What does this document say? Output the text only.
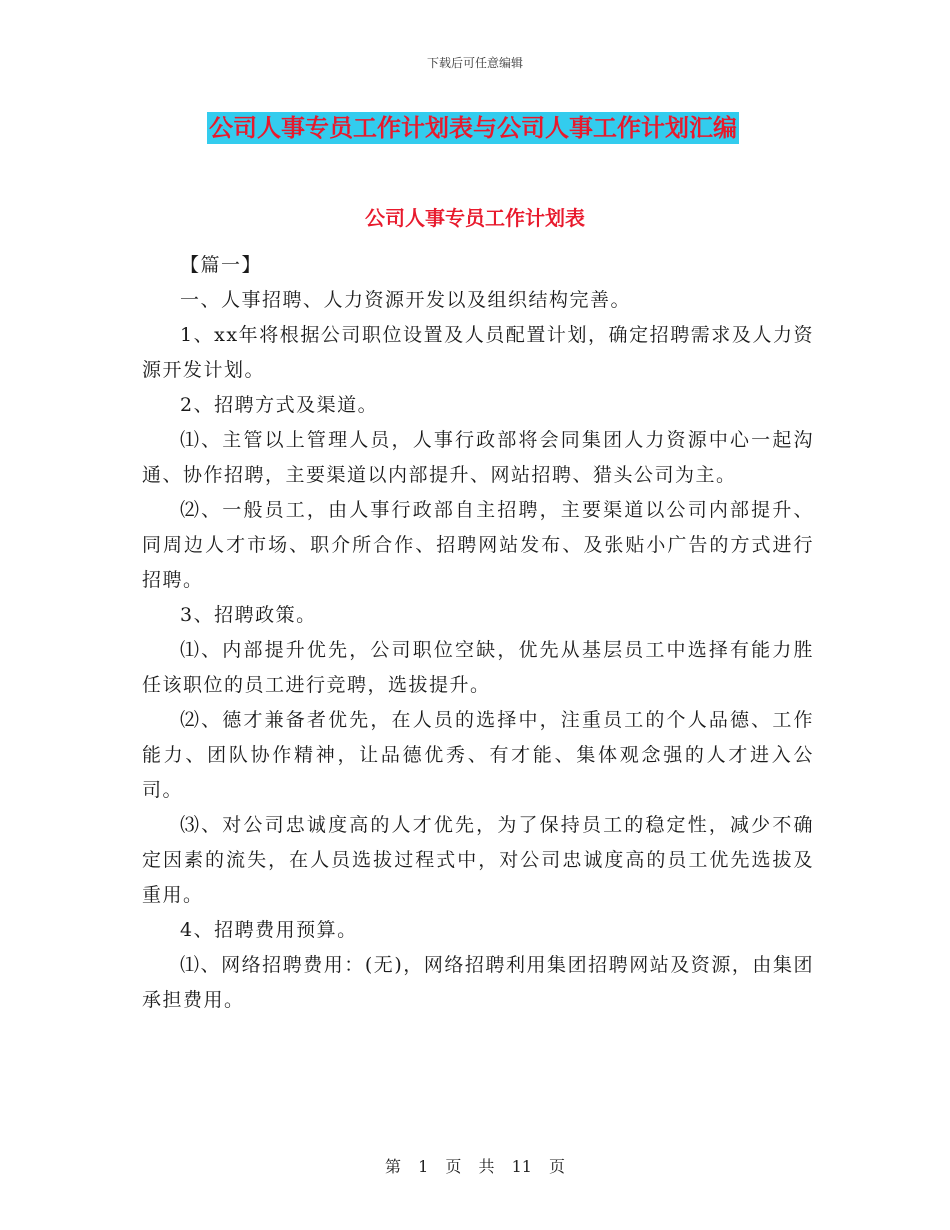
下载后可任意编辑
公司人事专员工作计划表与公司人事工作计划汇编
公司人事专员工作计划表

【篇一】

一、人事招聘、人力资源开发以及组织结构完善。

1、xx年将根据公司职位设置及人员配置计划，确定招聘需求及人力资源开发计划。

2、招聘方式及渠道。

⑴、主管以上管理人员，人事行政部将会同集团人力资源中心一起沟通、协作招聘，主要渠道以内部提升、网站招聘、猎头公司为主。

⑵、一般员工，由人事行政部自主招聘，主要渠道以公司内部提升、同周边人才市场、职介所合作、招聘网站发布、及张贴小广告的方式进行招聘。

3、招聘政策。

⑴、内部提升优先，公司职位空缺，优先从基层员工中选择有能力胜任该职位的员工进行竞聘，选拔提升。

⑵、德才兼备者优先，在人员的选择中，注重员工的个人品德、工作能力、团队协作精神，让品德优秀、有才能、集体观念强的人才进入公司。

⑶、对公司忠诚度高的人才优先，为了保持员工的稳定性，减少不确定因素的流失，在人员选拔过程式中，对公司忠诚度高的员工优先选拔及重用。

4、招聘费用预算。

⑴、网络招聘费用：(无)，网络招聘利用集团招聘网站及资源，由集团承担费用。

第 1 页 共 11 页
